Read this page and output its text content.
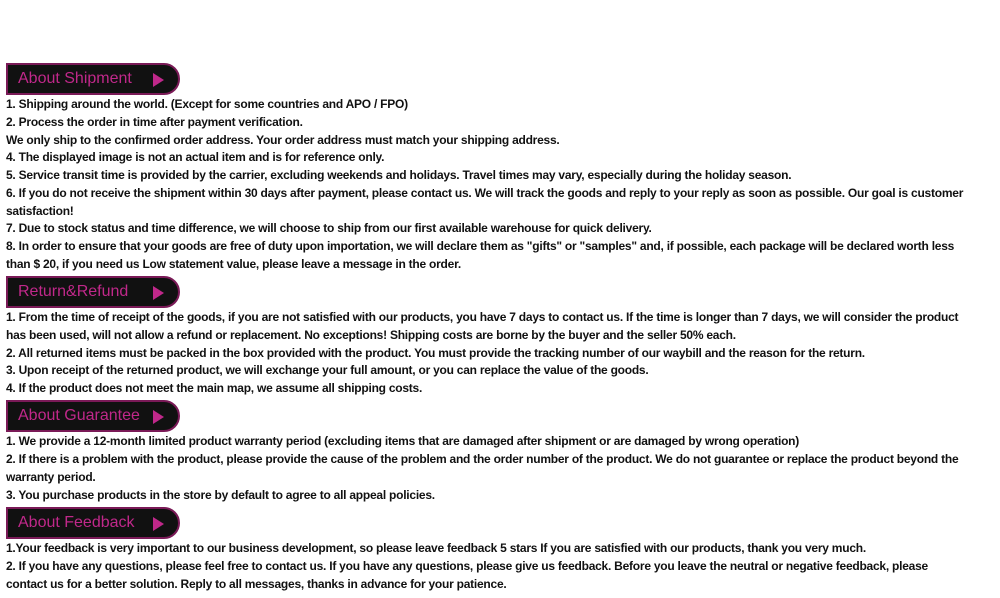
About Shipment
1. Shipping around the world. (Except for some countries and APO / FPO)
2. Process the order in time after payment verification.
We only ship to the confirmed order address. Your order address must match your shipping address.
4. The displayed image is not an actual item and is for reference only.
5. Service transit time is provided by the carrier, excluding weekends and holidays. Travel times may vary, especially during the holiday season.
6. If you do not receive the shipment within 30 days after payment, please contact us. We will track the goods and reply to your reply as soon as possible. Our goal is customer
satisfaction!
7. Due to stock status and time difference, we will choose to ship from our first available warehouse for quick delivery.
8. In order to ensure that your goods are free of duty upon importation, we will declare them as "gifts" or "samples" and, if possible, each package will be declared worth less
than $ 20, if you need us Low statement value, please leave a message in the order.
Return&Refund
1. From the time of receipt of the goods, if you are not satisfied with our products, you have 7 days to contact us. If the time is longer than 7 days, we will consider the product
has been used, will not allow a refund or replacement. No exceptions! Shipping costs are borne by the buyer and the seller 50% each.
2. All returned items must be packed in the box provided with the product. You must provide the tracking number of our waybill and the reason for the return.
3. Upon receipt of the returned product, we will exchange your full amount, or you can replace the value of the goods.
4. If the product does not meet the main map, we assume all shipping costs.
About Guarantee
1. We provide a 12-month limited product warranty period (excluding items that are damaged after shipment or are damaged by wrong operation)
2. If there is a problem with the product, please provide the cause of the problem and the order number of the product. We do not guarantee or replace the product beyond the
warranty period.
3. You purchase products in the store by default to agree to all appeal policies.
About Feedback
1.Your feedback is very important to our business development, so please leave feedback 5 stars If you are satisfied with our products, thank you very much.
2. If you have any questions, please feel free to contact us. If you have any questions, please give us feedback. Before you leave the neutral or negative feedback, please
contact us for a better solution. Reply to all messages, thanks in advance for your patience.
